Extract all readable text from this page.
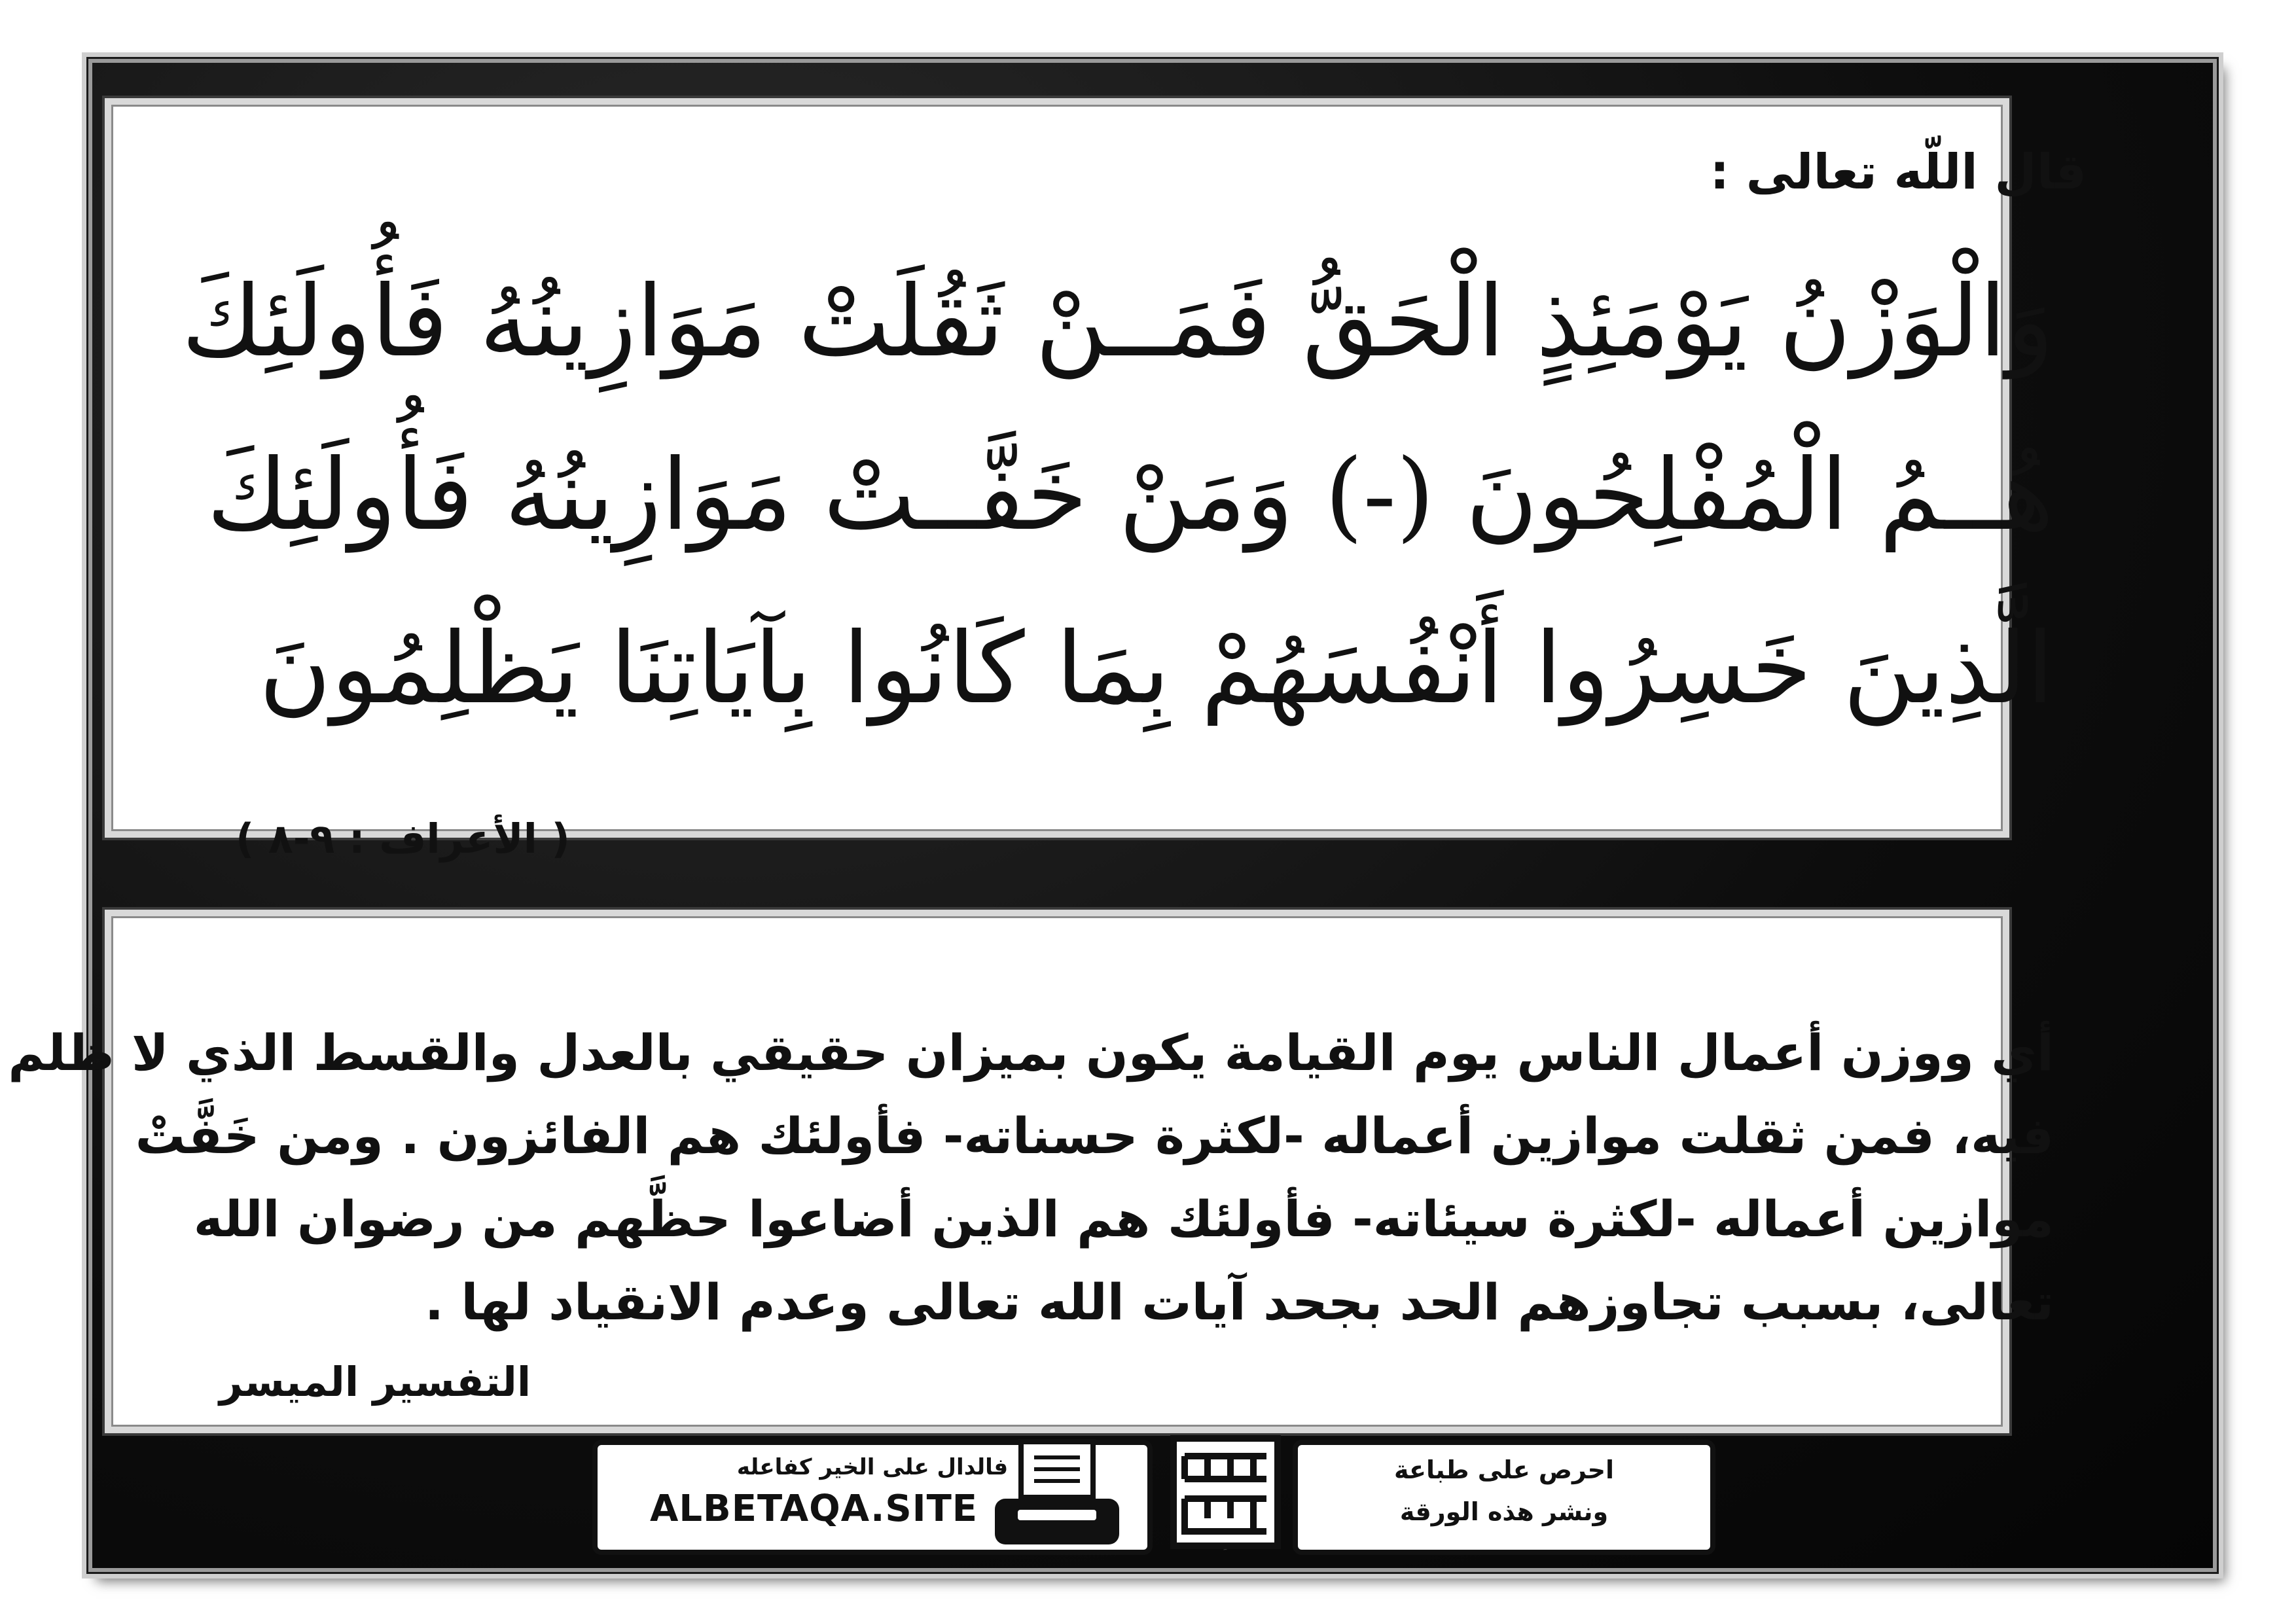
قال اللّه تعالى :
وَالْوَزْنُ يَوْمَئِذٍ الْحَقُّ فَمَــنْ ثَقُلَتْ مَوَازِينُهُ فَأُولَئِكَ
هُــمُ الْمُفْلِحُونَ (-) وَمَنْ خَفَّــتْ مَوَازِينُهُ فَأُولَئِكَ
الَّذِينَ خَسِرُوا أَنْفُسَهُمْ بِمَا كَانُوا بِآيَاتِنَا يَظْلِمُونَ
( الأعراف : ٩-٨ )
أي ووزن أعمال الناس يوم القيامة يكون بميزان حقيقي بالعدل والقسط الذي لا ظلم
فيه، فمن ثقلت موازين أعماله -لكثرة حسناته- فأولئك هم الفائزون . ومن خَفَّتْ
موازين أعماله -لكثرة سيئاته- فأولئك هم الذين أضاعوا حظَّهم من رضوان الله
تعالى، بسبب تجاوزهم الحد بجحد آيات الله تعالى وعدم الانقياد لها .
التفسير الميسر
فالدال على الخير كفاعله
ALBETAQA.SITE
دعوة الورقة
احرص على طباعة
ونشر هذه الورقة
